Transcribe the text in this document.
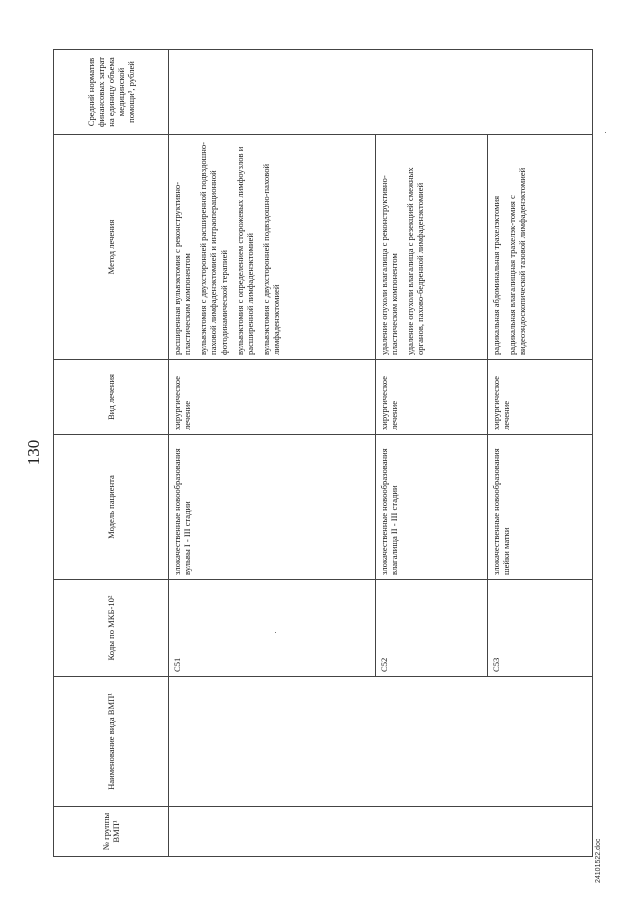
130
№ группы ВМП¹	Наименование вида ВМП¹	Коды по МКБ-10²	Модель пациента	Вид лечения	Метод лечения	Средний норматив финансовых затрат на единицу объема медицинской помощи³, рублей

		C51	злокачественные новообразования вульвы I - III стадии	хирургическое лечение	расширенная вульвэктомия с реконструктивно-пластическим компонентом вульвэктомия с двухсторонней расширенной подвздошно-паховой лимфаденэктомией и интраоперационной фотодинамической терапией вульвэктомия с определением сторожевых лимфоузлов и расширенной лимфаденэктомией вульвэктомия с двухсторонней подвздошно-паховой лимфаденэктомией	

		C52	злокачественные новообразования влагалища II - III стадии	хирургическое лечение	удаление опухоли влагалища с реконструктивно-пластическим компонентом удаление опухоли влагалища с резекцией смежных органов, пахово-бедренной лимфаденэктомией	

		C53	злокачественные новообразования шейки матки	хирургическое лечение	радикальная абдоминальная трахелэктомия радикальная влагалищная трахелэк-томия с видеоэндоскопической тазовой лимфаденэктомией	
24101522.doc
